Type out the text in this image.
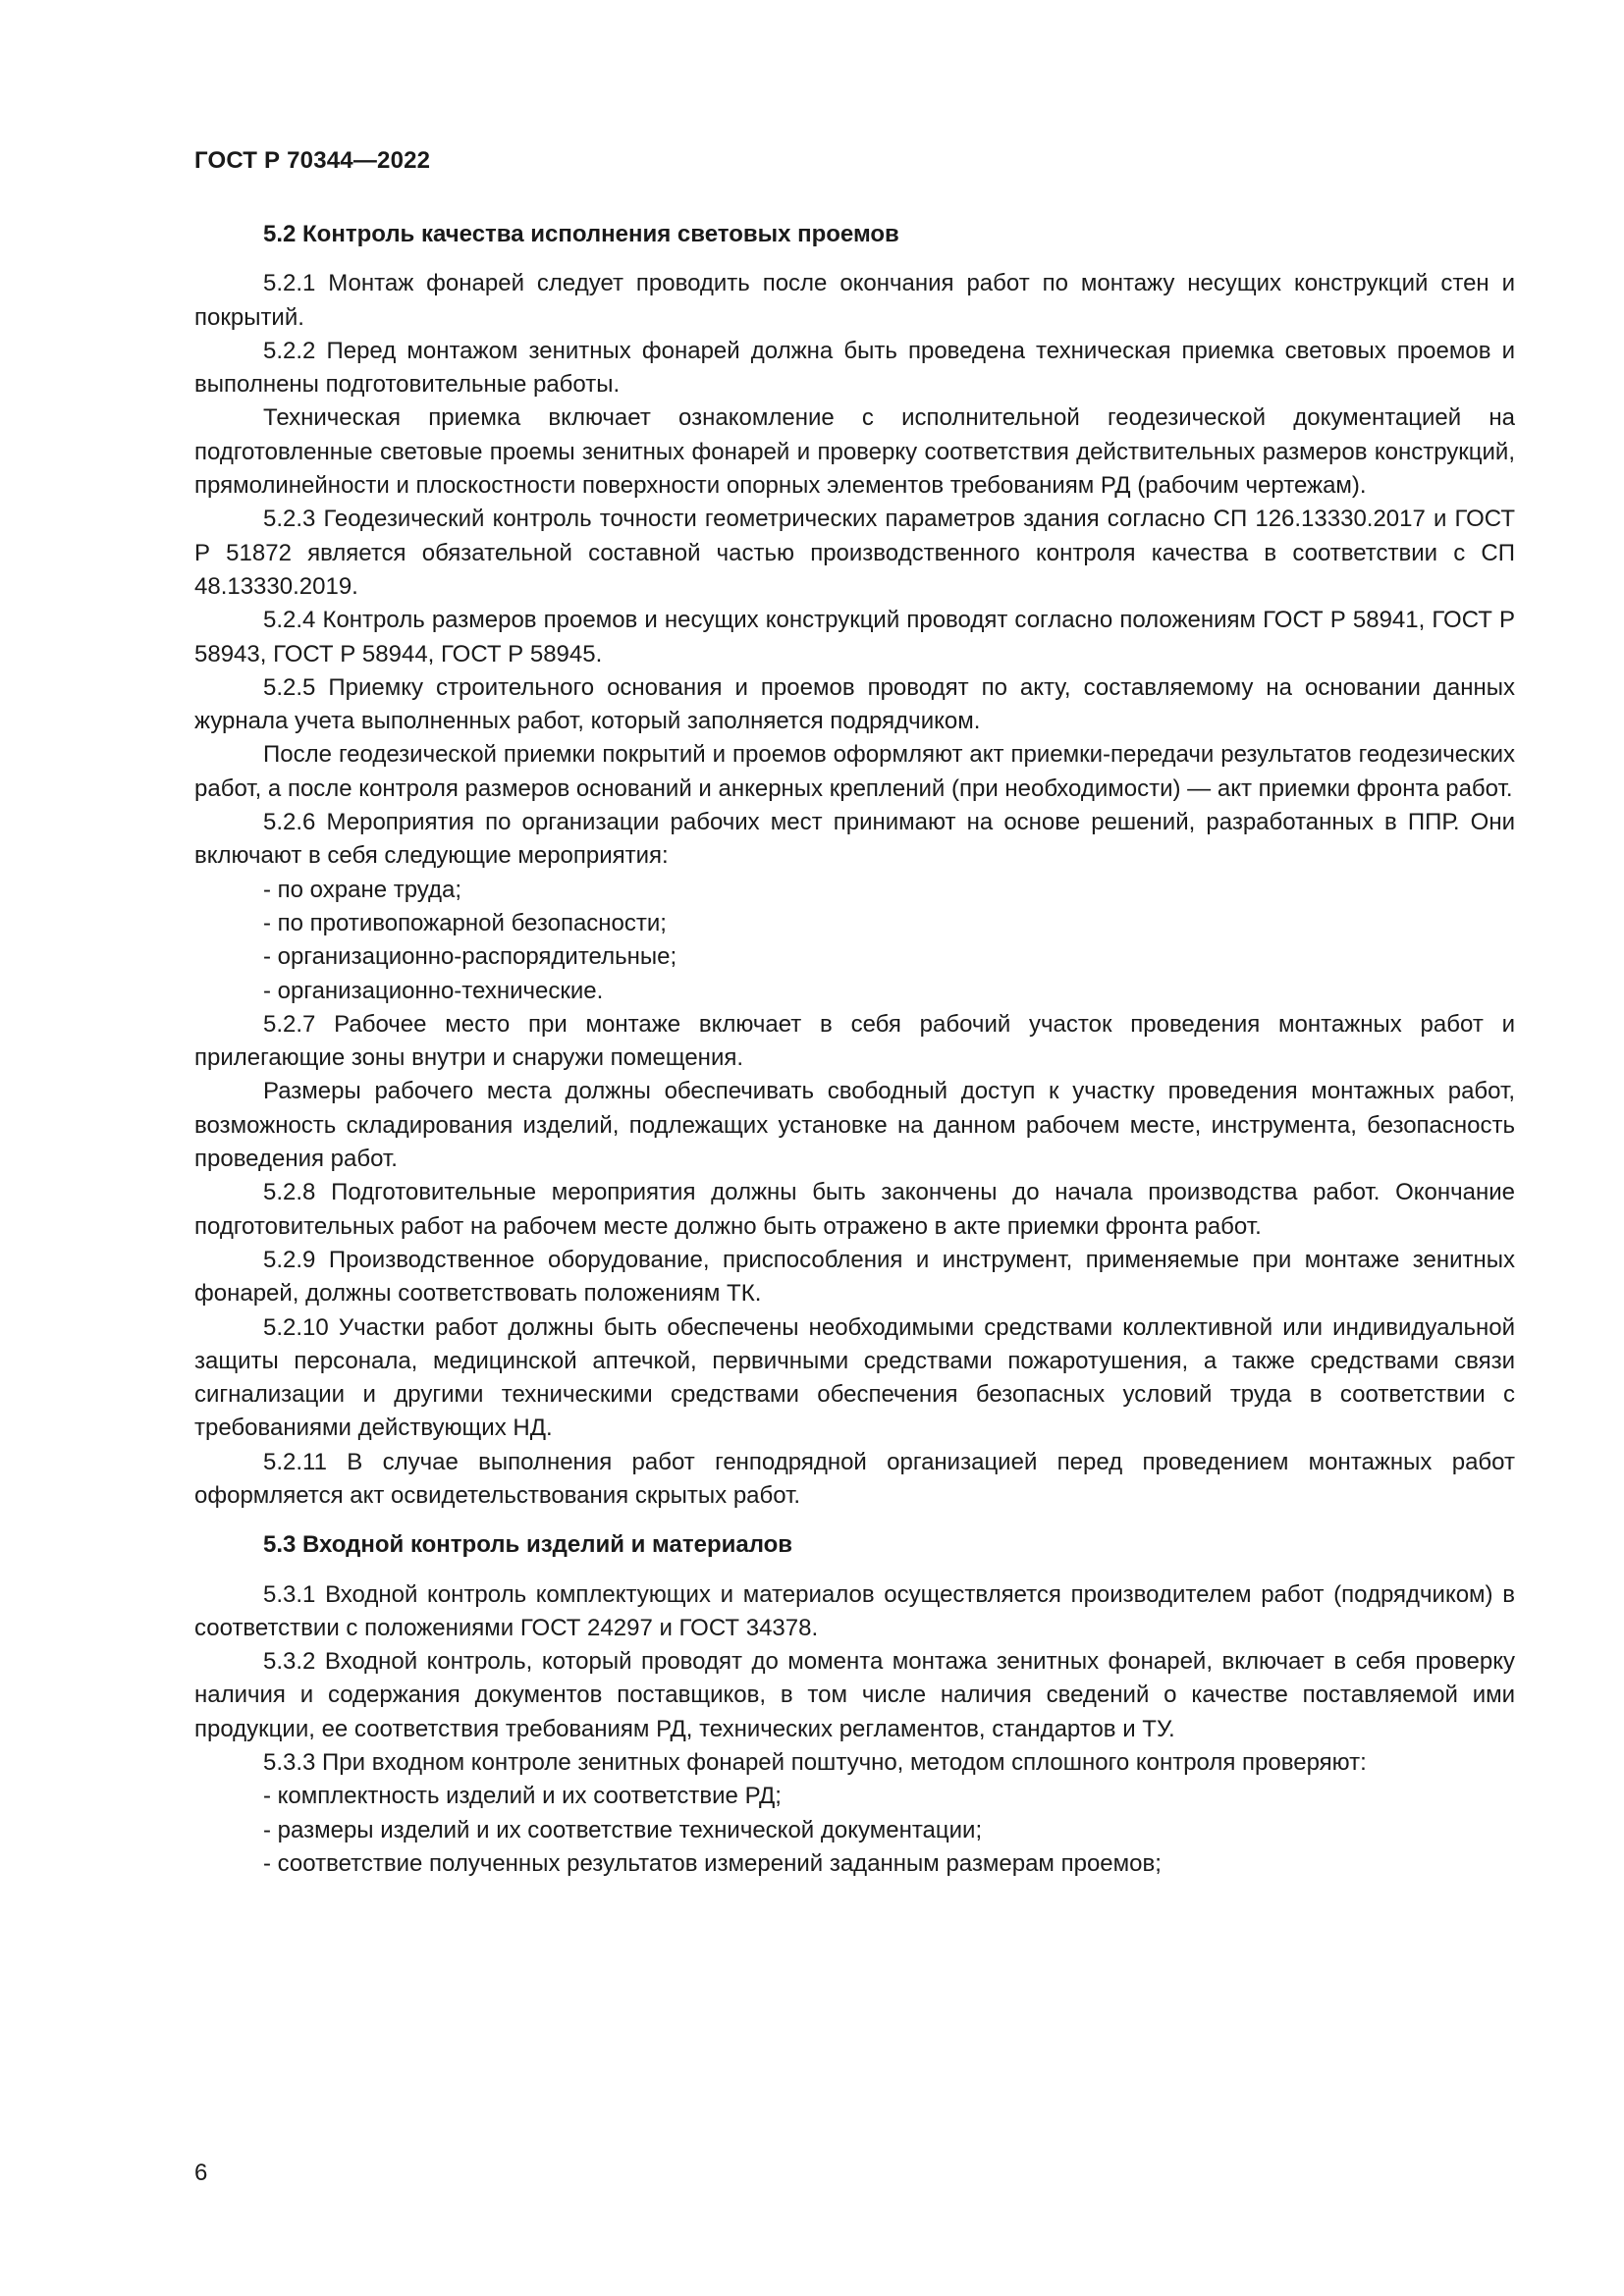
ГОСТ Р 70344—2022

5.2 Контроль качества исполнения световых проемов

5.2.1 Монтаж фонарей следует проводить после окончания работ по монтажу несущих конструкций стен и покрытий.

5.2.2 Перед монтажом зенитных фонарей должна быть проведена техническая приемка световых проемов и выполнены подготовительные работы.

Техническая приемка включает ознакомление с исполнительной геодезической документацией на подготовленные световые проемы зенитных фонарей и проверку соответствия действительных размеров конструкций, прямолинейности и плоскостности поверхности опорных элементов требованиям РД (рабочим чертежам).

5.2.3 Геодезический контроль точности геометрических параметров здания согласно СП 126.13330.2017 и ГОСТ Р 51872 является обязательной составной частью производственного контроля качества в соответствии с СП 48.13330.2019.

5.2.4 Контроль размеров проемов и несущих конструкций проводят согласно положениям ГОСТ Р 58941, ГОСТ Р 58943, ГОСТ Р 58944, ГОСТ Р 58945.

5.2.5 Приемку строительного основания и проемов проводят по акту, составляемому на основании данных журнала учета выполненных работ, который заполняется подрядчиком.

После геодезической приемки покрытий и проемов оформляют акт приемки-передачи результатов геодезических работ, а после контроля размеров оснований и анкерных креплений (при необходимости) — акт приемки фронта работ.

5.2.6 Мероприятия по организации рабочих мест принимают на основе решений, разработанных в ППР. Они включают в себя следующие мероприятия:

- по охране труда;

- по противопожарной безопасности;

- организационно-распорядительные;

- организационно-технические.

5.2.7 Рабочее место при монтаже включает в себя рабочий участок проведения монтажных работ и прилегающие зоны внутри и снаружи помещения.

Размеры рабочего места должны обеспечивать свободный доступ к участку проведения монтажных работ, возможность складирования изделий, подлежащих установке на данном рабочем месте, инструмента, безопасность проведения работ.

5.2.8 Подготовительные мероприятия должны быть закончены до начала производства работ. Окончание подготовительных работ на рабочем месте должно быть отражено в акте приемки фронта работ.

5.2.9 Производственное оборудование, приспособления и инструмент, применяемые при монтаже зенитных фонарей, должны соответствовать положениям ТК.

5.2.10 Участки работ должны быть обеспечены необходимыми средствами коллективной или индивидуальной защиты персонала, медицинской аптечкой, первичными средствами пожаротушения, а также средствами связи сигнализации и другими техническими средствами обеспечения безопасных условий труда в соответствии с требованиями действующих НД.

5.2.11 В случае выполнения работ генподрядной организацией перед проведением монтажных работ оформляется акт освидетельствования скрытых работ.

5.3 Входной контроль изделий и материалов

5.3.1 Входной контроль комплектующих и материалов осуществляется производителем работ (подрядчиком) в соответствии с положениями ГОСТ 24297 и ГОСТ 34378.

5.3.2 Входной контроль, который проводят до момента монтажа зенитных фонарей, включает в себя проверку наличия и содержания документов поставщиков, в том числе наличия сведений о качестве поставляемой ими продукции, ее соответствия требованиям РД, технических регламентов, стандартов и ТУ.

5.3.3 При входном контроле зенитных фонарей поштучно, методом сплошного контроля проверяют:

- комплектность изделий и их соответствие РД;

- размеры изделий и их соответствие технической документации;

- соответствие полученных результатов измерений заданным размерам проемов;

6
